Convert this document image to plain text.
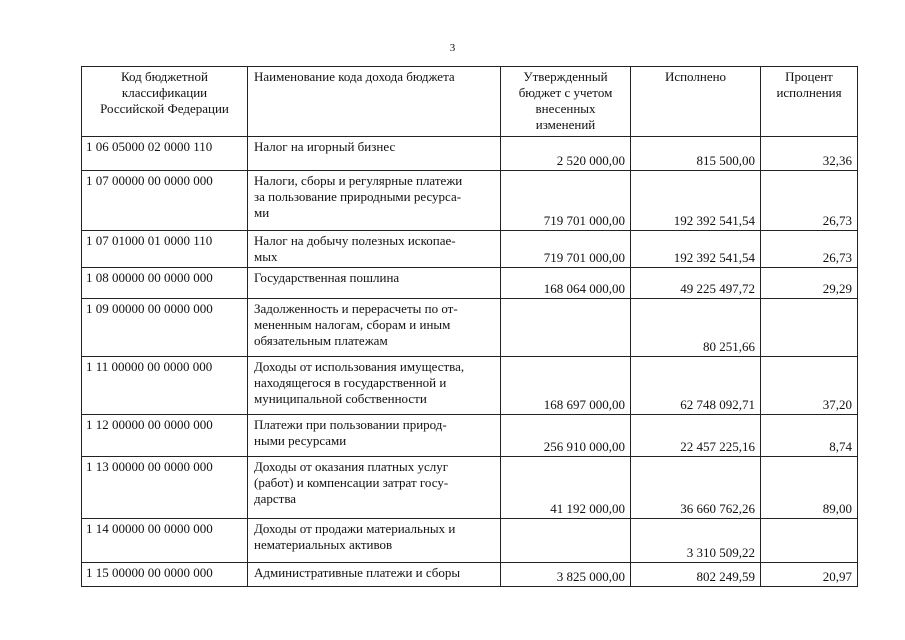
3
Код бюджетной
классификации
Российской Федерации	Наименование кода дохода бюджета	Утвержденный
бюджет с учетом
внесенных
изменений	Исполнено	Процент
исполнения

1 06 05000 02 0000 110	Налог на игорный бизнес	2 520 000,00	815 500,00	32,36
1 07 00000 00 0000 000	Налоги, сборы и регулярные платежи
за пользование природными ресурса-
ми	719 701 000,00	192 392 541,54	26,73
1 07 01000 01 0000 110	Налог на добычу полезных ископае-
мых	719 701 000,00	192 392 541,54	26,73
1 08 00000 00 0000 000	Государственная пошлина	168 064 000,00	49 225 497,72	29,29
1 09 00000 00 0000 000	Задолженность и перерасчеты по от-
мененным налогам, сборам и иным
обязательным платежам		80 251,66	
1 11 00000 00 0000 000	Доходы от использования имущества,
находящегося в государственной и
муниципальной собственности	168 697 000,00	62 748 092,71	37,20
1 12 00000 00 0000 000	Платежи при пользовании природ-
ными ресурсами	256 910 000,00	22 457 225,16	8,74
1 13 00000 00 0000 000	Доходы от оказания платных услуг
(работ) и компенсации затрат госу-
дарства	41 192 000,00	36 660 762,26	89,00
1 14 00000 00 0000 000	Доходы от продажи материальных и
нематериальных активов		3 310 509,22	
1 15 00000 00 0000 000	Административные платежи и сборы	3 825 000,00	802 249,59	20,97
